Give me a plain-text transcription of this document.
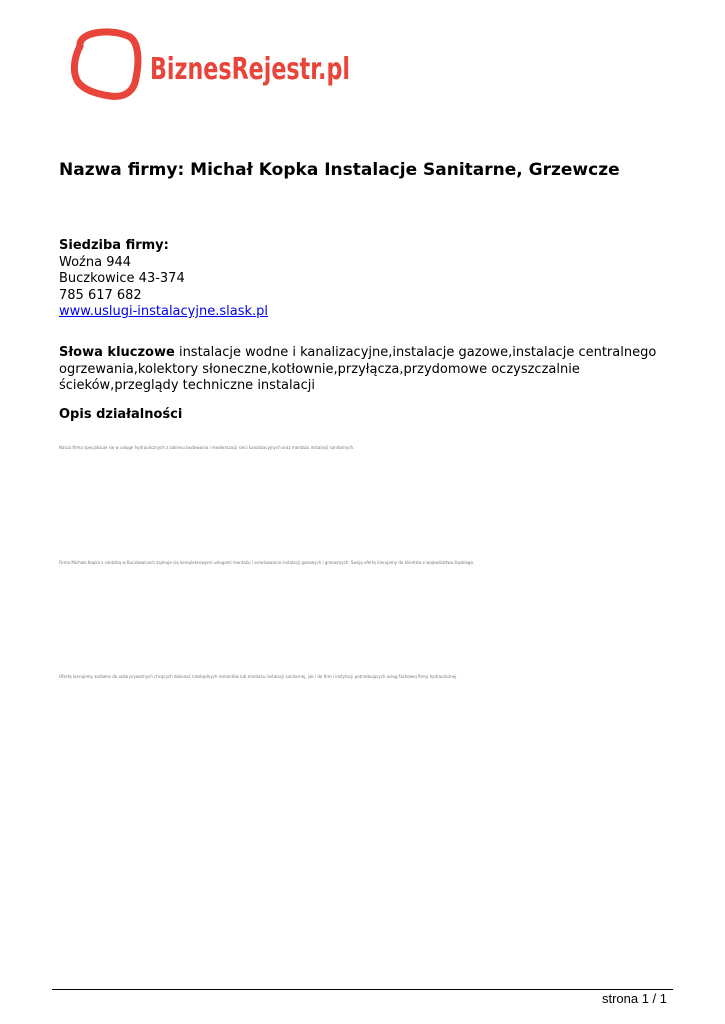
BiznesRejestr.pl
Nazwa firmy: Michał Kopka Instalacje Sanitarne, Grzewcze
Siedziba firmy:
Woźna 944
Buczkowice 43-374
785 617 682
www.uslugi-instalacyjne.slask.pl
Słowa kluczowe instalacje wodne i kanalizacyjne,instalacje gazowe,instalacje centralnego ogrzewania,kolektory słoneczne,kotłownie,przyłącza,przydomowe oczyszczalnie ścieków,przeglądy techniczne instalacji
Opis działalności
Nasza firma specjalizuje się w usługe hydraulicznych z zakresu budowania i modernizacji sieci kanalizacyjnych oraz montażu instalacji sanitarnych.
Firma Michała Kopka z siedzibą w Buczkowicach zajmuje się kompleksowymi usługami montażu i serwisowania instalacji gazowych i grzewczych. Swoją ofertę kierujemy do klientów z województwa śląskiego.
Ofertę kierujemy zarówno do osób prywatnych chcących dokonać niezbędnych remontów lub montażu instalacji sanitarnej, jak i do firm i instytucji potrzebujących usług fachowej firmy hydraulicznej.
strona 1 / 1
